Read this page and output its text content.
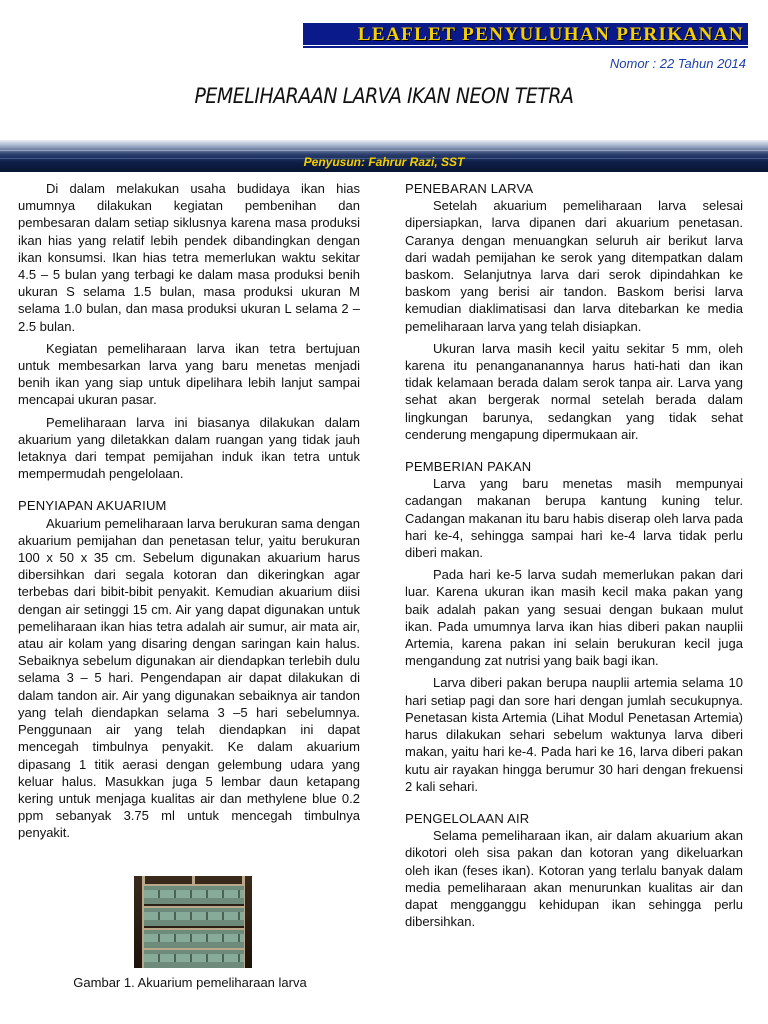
LEAFLET PENYULUHAN PERIKANAN
Nomor : 22 Tahun 2014
PEMELIHARAAN LARVA IKAN NEON TETRA
Penyusun: Fahrur Razi, SST

Di dalam melakukan usaha budidaya ikan hias umumnya dilakukan kegiatan pembenihan dan pembesaran dalam setiap siklusnya karena masa produksi ikan hias yang relatif lebih pendek dibandingkan dengan ikan konsumsi. Ikan hias tetra memerlukan waktu sekitar 4.5 – 5 bulan yang terbagi ke dalam masa produksi benih ukuran S selama 1.5 bulan, masa produksi ukuran M selama 1.0 bulan, dan masa produksi ukuran L selama 2 – 2.5 bulan.

Kegiatan pemeliharaan larva ikan tetra bertujuan untuk membesarkan larva yang baru menetas menjadi benih ikan yang siap untuk dipelihara lebih lanjut sampai mencapai ukuran pasar.

Pemeliharaan larva ini biasanya dilakukan dalam akuarium yang diletakkan dalam ruangan yang tidak jauh letaknya dari tempat pemijahan induk ikan tetra untuk mempermudah pengelolaan.

PENYIAPAN AKUARIUM

Akuarium pemeliharaan larva berukuran sama dengan akuarium pemijahan dan penetasan telur, yaitu berukuran 100 x 50 x 35 cm. Sebelum digunakan akuarium harus dibersihkan dari segala kotoran dan dikeringkan agar terbebas dari bibit-bibit penyakit. Kemudian akuarium diisi dengan air setinggi 15 cm. Air yang dapat digunakan untuk pemeliharaan ikan hias tetra adalah air sumur, air mata air, atau air kolam yang disaring dengan saringan kain halus. Sebaiknya sebelum digunakan air diendapkan terlebih dulu selama 3 – 5 hari. Pengendapan air dapat dilakukan di dalam tandon air. Air yang digunakan sebaiknya air tandon yang telah diendapkan selama 3 –5 hari sebelumnya. Penggunaan air yang telah diendapkan ini dapat mencegah timbulnya penyakit. Ke dalam akuarium dipasang 1 titik aerasi dengan gelembung udara yang keluar halus. Masukkan juga 5 lembar daun ketapang kering untuk menjaga kualitas air dan methylene blue 0.2 ppm sebanyak 3.75 ml untuk mencegah timbulnya penyakit.

Gambar 1. Akuarium pemeliharaan larva
PENEBARAN LARVA

Setelah akuarium pemeliharaan larva selesai dipersiapkan, larva dipanen dari akuarium penetasan. Caranya dengan menuangkan seluruh air berikut larva dari wadah pemijahan ke serok yang ditempatkan dalam baskom. Selanjutnya larva dari serok dipindahkan ke baskom yang berisi air tandon. Baskom berisi larva kemudian diaklimatisasi dan larva ditebarkan ke media pemeliharaan larva yang telah disiapkan.

Ukuran larva masih kecil yaitu sekitar 5 mm, oleh karena itu penangananannya harus hati-hati dan ikan tidak kelamaan berada dalam serok tanpa air. Larva yang sehat akan bergerak normal setelah berada dalam lingkungan barunya, sedangkan yang tidak sehat cenderung mengapung dipermukaan air.

PEMBERIAN PAKAN

Larva yang baru menetas masih mempunyai cadangan makanan berupa kantung kuning telur. Cadangan makanan itu baru habis diserap oleh larva pada hari ke-4, sehingga sampai hari ke-4 larva tidak perlu diberi makan.

Pada hari ke-5 larva sudah memerlukan pakan dari luar. Karena ukuran ikan masih kecil maka pakan yang baik adalah pakan yang sesuai dengan bukaan mulut ikan. Pada umumnya larva ikan hias diberi pakan nauplii Artemia, karena pakan ini selain berukuran kecil juga mengandung zat nutrisi yang baik bagi ikan.

Larva diberi pakan berupa nauplii artemia selama 10 hari setiap pagi dan sore hari dengan jumlah secukupnya. Penetasan kista Artemia (Lihat Modul Penetasan Artemia) harus dilakukan sehari sebelum waktunya larva diberi makan, yaitu hari ke-4. Pada hari ke 16, larva diberi pakan kutu air rayakan hingga berumur 30 hari dengan frekuensi 2 kali sehari.

PENGELOLAAN AIR

Selama pemeliharaan ikan, air dalam akuarium akan dikotori oleh sisa pakan dan kotoran yang dikeluarkan oleh ikan (feses ikan). Kotoran yang terlalu banyak dalam media pemeliharaan akan menurunkan kualitas air dan dapat mengganggu kehidupan ikan sehingga perlu dibersihkan.
